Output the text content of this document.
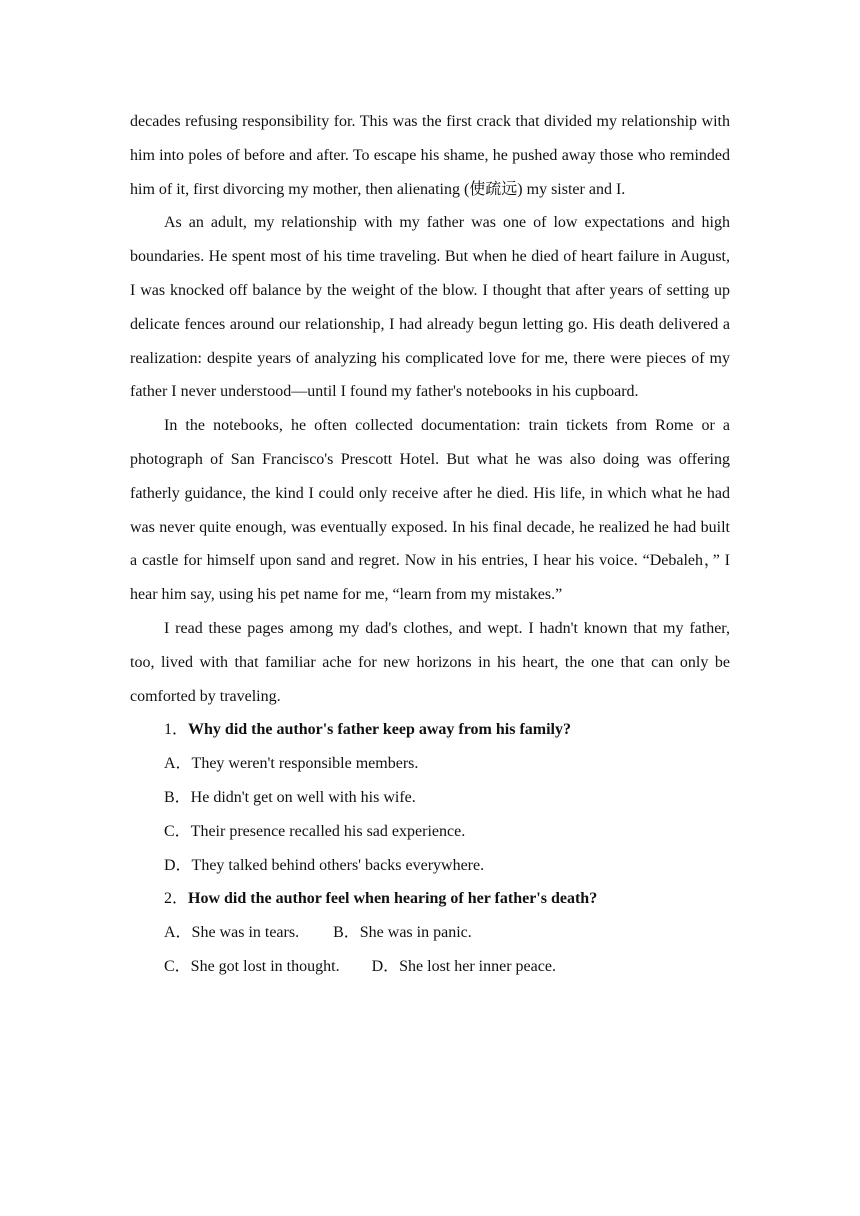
decades refusing responsibility for. This was the first crack that divided my relationship with him into poles of before and after. To escape his shame, he pushed away those who reminded him of it, first divorcing my mother, then alienating (使疏远) my sister and I.

As an adult, my relationship with my father was one of low expectations and high boundaries. He spent most of his time traveling. But when he died of heart failure in August, I was knocked off balance by the weight of the blow. I thought that after years of setting up delicate fences around our relationship, I had already begun letting go. His death delivered a realization: despite years of analyzing his complicated love for me, there were pieces of my father I never understood—until I found my father's notebooks in his cupboard.

In the notebooks, he often collected documentation: train tickets from Rome or a photograph of San Francisco's Prescott Hotel. But what he was also doing was offering fatherly guidance, the kind I could only receive after he died. His life, in which what he had was never quite enough, was eventually exposed. In his final decade, he realized he had built a castle for himself upon sand and regret. Now in his entries, I hear his voice. “Debaleh，” I hear him say, using his pet name for me, “learn from my mistakes.”

I read these pages among my dad's clothes, and wept. I hadn't known that my father, too, lived with that familiar ache for new horizons in his heart, the one that can only be comforted by traveling.

1．Why did the author's father keep away from his family?

A．They weren't responsible members.

B．He didn't get on well with his wife.

C．Their presence recalled his sad experience.

D．They talked behind others' backs everywhere.

2．How did the author feel when hearing of her father's death?

A．She was in tears. B．She was in panic.

C．She got lost in thought. D．She lost her inner peace.
